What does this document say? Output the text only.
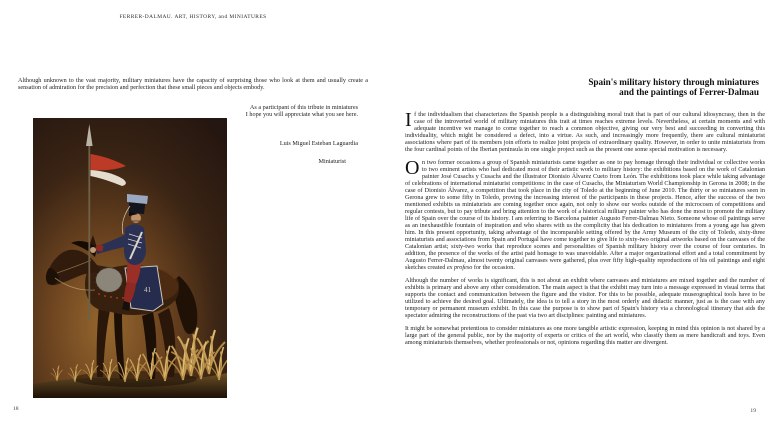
FERRER-DALMAU. ART, HISTORY, and MINIATURES
Although unknown to the vast majority, military miniatures have the capacity of surprising those who look at them and usually create a sensation of admiration for the precision and perfection that these small pieces and objects embody.
As a participant of this tribute in miniatures
I hope you will appreciate what you see here.
Luis Miguel Esteban Laguardia
Miniaturist
41
18
Spain's military history through miniatures
and the paintings of Ferrer-Dalmau

If the individualism that characterizes the Spanish people is a distinguishing moral trait that is part of our cultural idiosyncrasy, then in the case of the introverted world of military miniatures this trait at times reaches extreme levels. Nevertheless, at certain moments and with adequate incentive we manage to come together to reach a common objective, giving our very best and succeeding in converting this individuality, which might be considered a defect, into a virtue. As such, and increasingly more frequently, there are cultural miniaturist associations where part of its members join efforts to realize joint projects of extraordinary quality. However, in order to unite miniaturists from the four cardinal points of the Iberian peninsula in one single project such as the present one some special motivation is necessary.

On two former occasions a group of Spanish miniaturists came together as one to pay homage through their individual or collective works to two eminent artists who had dedicated most of their artistic work to military history: the exhibitions based on the work of Catalonian painter José Cusachs y Cusachs and the illustrator Dionisio Álvarez Cueto from León. The exhibitions took place while taking advantage of celebrations of international miniaturist competitions: in the case of Cusachs, the Miniaturism World Championship in Gerona in 2008; in the case of Dionisio Álvarez, a competition that took place in the city of Toledo at the beginning of June 2010. The thirty or so miniatures seen in Gerona grew to some fifty in Toledo, proving the increasing interest of the participants in these projects. Hence, after the success of the two mentioned exhibits us miniaturists are coming together once again, not only to show our works outside of the microcosm of competitions and regular contests, but to pay tribute and bring attention to the work of a historical military painter who has done the most to promote the military life of Spain over the course of its history. I am referring to Barcelona painter Augusto Ferrer-Dalmau Nieto. Someone whose oil paintings serve as an inexhaustible fountain of inspiration and who shares with us the complicity that his dedication to miniatures from a young age has given him. In this present opportunity, taking advantage of the incomparable setting offered by the Army Museum of the city of Toledo, sixty-three miniaturists and associations from Spain and Portugal have come together to give life to sixty-two original artworks based on the canvases of the Catalonian artist; sixty-two works that reproduce scenes and personalities of Spanish military history over the course of four centuries. In addition, the presence of the works of the artist paid homage to was unavoidable. After a major organizational effort and a total commitment by Augusto Ferrer-Dalmau, almost twenty original canvases were gathered, plus over fifty high-quality reproductions of his oil paintings and eight sketches created ex profeso for the occasion.

Although the number of works is significant, this is not about an exhibit where canvases and miniatures are mixed together and the number of exhibits is primary and above any other consideration. The main aspect is that the exhibit may turn into a message expressed in visual terms that supports the contact and communication between the figure and the visitor. For this to be possible, adequate museographical tools have to be utilized to achieve the desired goal. Ultimately, the idea is to tell a story in the most orderly and didactic manner, just as is the case with any temporary or permanent museum exhibit. In this case the purpose is to show part of Spain's history via a chronological itinerary that aids the spectator admiring the reconstructions of the past via two art disciplines: painting and miniatures.

It might be somewhat pretentious to consider miniatures as one more tangible artistic expression, keeping in mind this opinion is not shared by a large part of the general public, nor by the majority of experts or critics of the art world, who classify them as mere handicraft and toys. Even among miniaturists themselves, whether professionals or not, opinions regarding this matter are divergent.

19
